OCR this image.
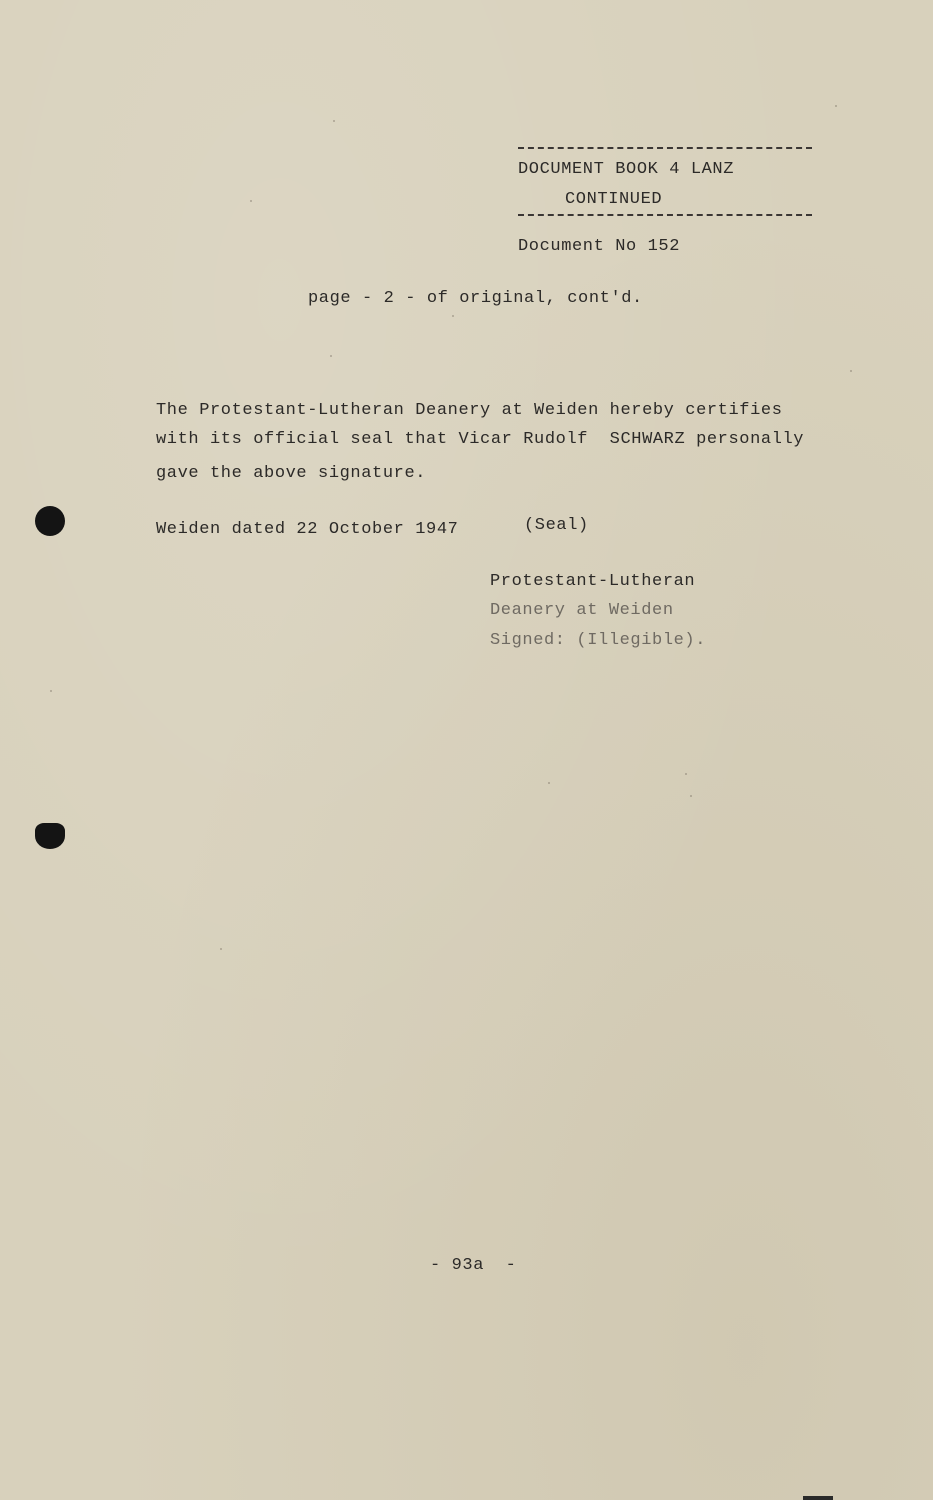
DOCUMENT BOOK 4 LANZ
CONTINUED
Document No 152
page - 2 - of original, cont'd.
The Protestant-Lutheran Deanery at Weiden hereby certifies
with its official seal that Vicar Rudolf  SCHWARZ personally
gave the above signature.
Weiden dated 22 October 1947	(Seal)
Protestant-Lutheran
Deanery at Weiden
Signed: (Illegible).
- 93a  -
